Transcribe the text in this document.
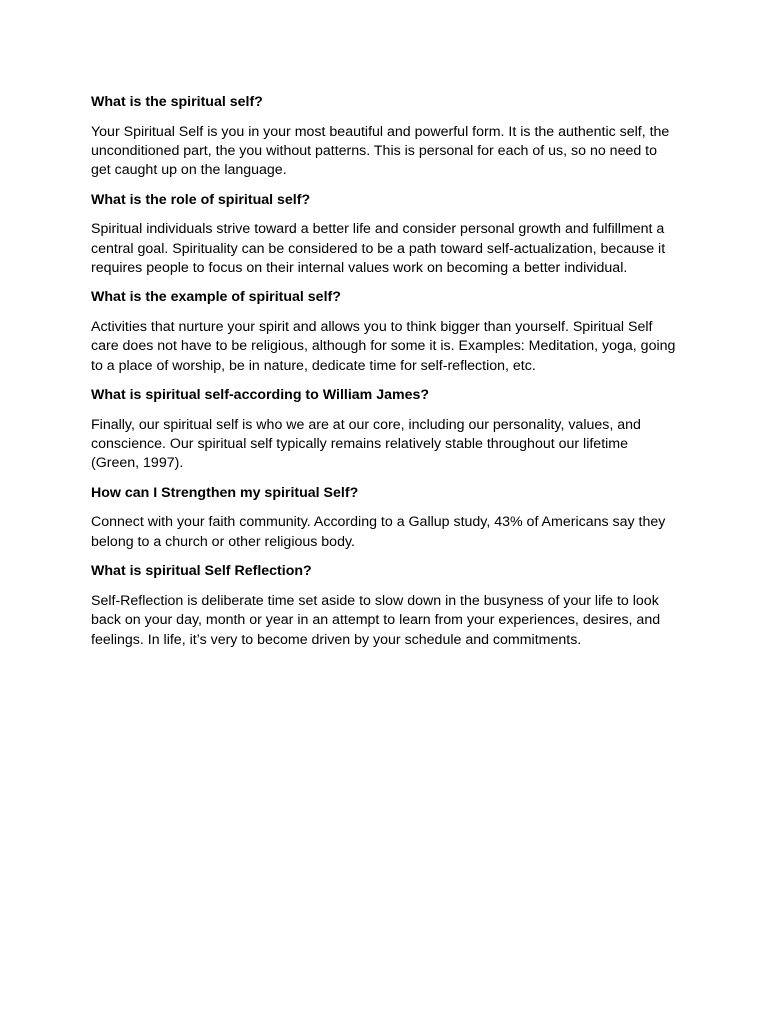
What is the spiritual self?

Your Spiritual Self is you in your most beautiful and powerful form. It is the authentic self, the unconditioned part, the you without patterns. This is personal for each of us, so no need to get caught up on the language.

What is the role of spiritual self?

Spiritual individuals strive toward a better life and consider personal growth and fulfillment a central goal. Spirituality can be considered to be a path toward self-actualization, because it requires people to focus on their internal values work on becoming a better individual.

What is the example of spiritual self?

Activities that nurture your spirit and allows you to think bigger than yourself. Spiritual Self care does not have to be religious, although for some it is. Examples: Meditation, yoga, going to a place of worship, be in nature, dedicate time for self-reflection, etc.

What is spiritual self-according to William James?

Finally, our spiritual self is who we are at our core, including our personality, values, and conscience. Our spiritual self typically remains relatively stable throughout our lifetime (Green, 1997).

How can I Strengthen my spiritual Self?

Connect with your faith community. According to a Gallup study, 43% of Americans say they belong to a church or other religious body.

What is spiritual Self Reflection?

Self-Reflection is deliberate time set aside to slow down in the busyness of your life to look back on your day, month or year in an attempt to learn from your experiences, desires, and feelings. In life, it’s very to become driven by your schedule and commitments.
